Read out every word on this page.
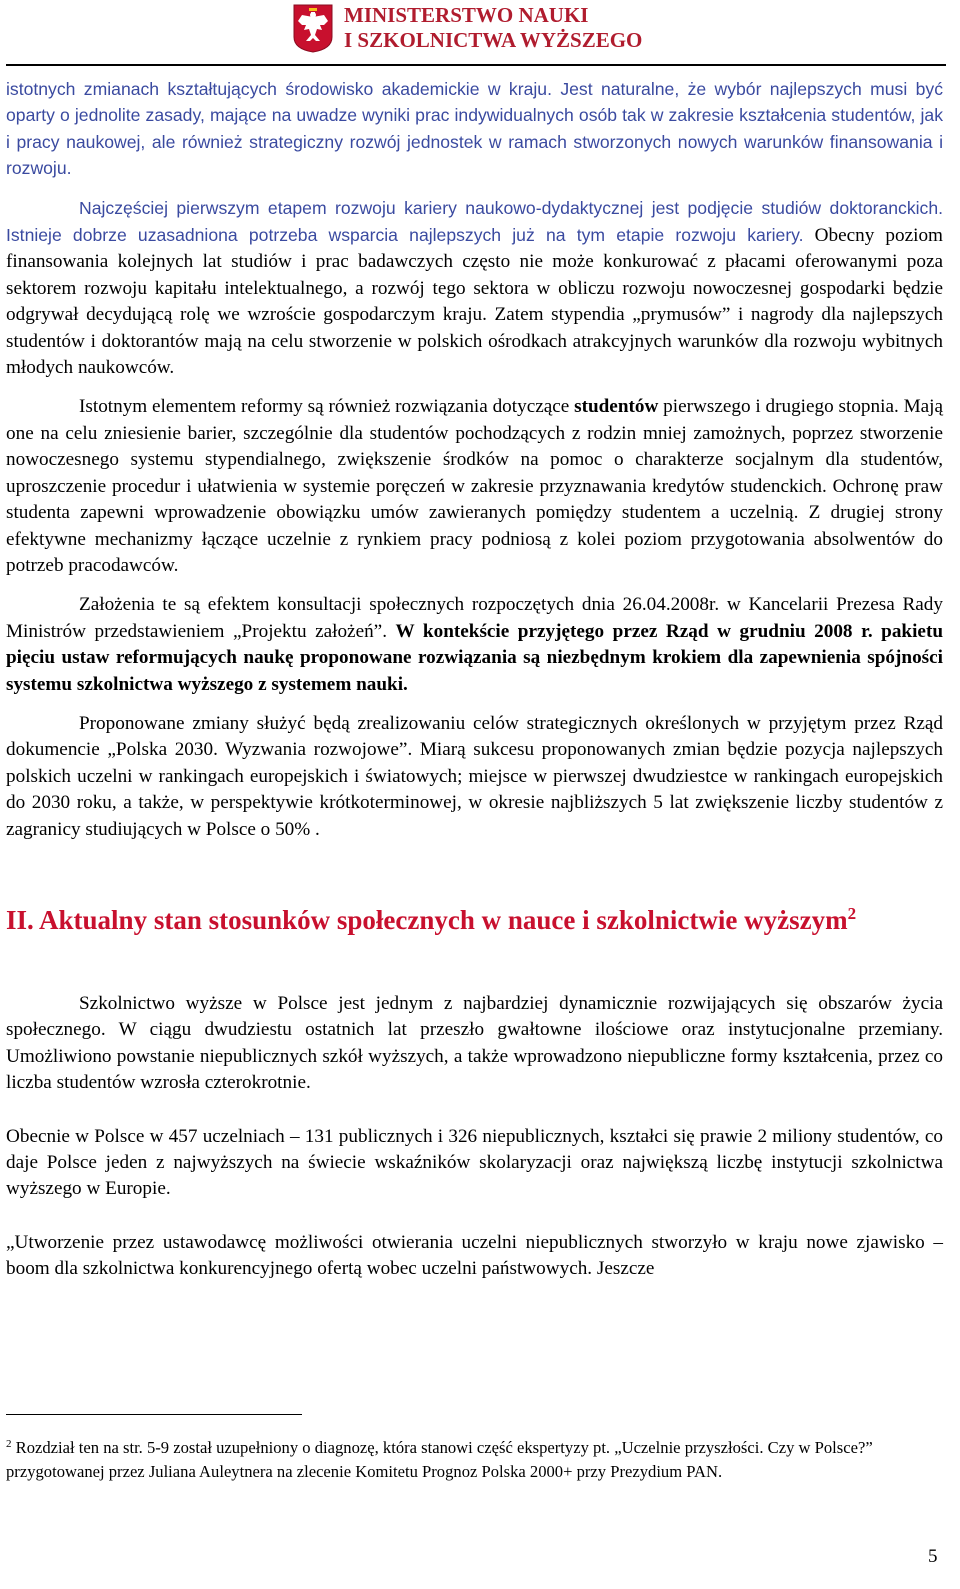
MINISTERSTWO NAUKI
I SZKOLNICTWA WYŻSZEGO

istotnych zmianach kształtujących środowisko akademickie w kraju. Jest naturalne, że wybór najlepszych musi być oparty o jednolite zasady, mające na uwadze wyniki prac indywidualnych osób tak w zakresie kształcenia studentów, jak i pracy naukowej, ale również strategiczny rozwój jednostek w ramach stworzonych nowych warunków finansowania i rozwoju.

Najczęściej pierwszym etapem rozwoju kariery naukowo-dydaktycznej jest podjęcie studiów doktoranckich. Istnieje dobrze uzasadniona potrzeba wsparcia najlepszych już na tym etapie rozwoju kariery. Obecny poziom finansowania kolejnych lat studiów i prac badawczych często nie może konkurować z płacami oferowanymi poza sektorem rozwoju kapitału intelektualnego, a rozwój tego sektora w obliczu rozwoju nowoczesnej gospodarki będzie odgrywał decydującą rolę we wzroście gospodarczym kraju. Zatem stypendia „prymusów” i nagrody dla najlepszych studentów i doktorantów mają na celu stworzenie w polskich ośrodkach atrakcyjnych warunków dla rozwoju wybitnych młodych naukowców.

Istotnym elementem reformy są również rozwiązania dotyczące studentów pierwszego i drugiego stopnia. Mają one na celu zniesienie barier, szczególnie dla studentów pochodzących z rodzin mniej zamożnych, poprzez stworzenie nowoczesnego systemu stypendialnego, zwiększenie środków na pomoc o charakterze socjalnym dla studentów, uproszczenie procedur i ułatwienia w systemie poręczeń w zakresie przyznawania kredytów studenckich. Ochronę praw studenta zapewni wprowadzenie obowiązku umów zawieranych pomiędzy studentem a uczelnią. Z drugiej strony efektywne mechanizmy łączące uczelnie z rynkiem pracy podniosą z kolei poziom przygotowania absolwentów do potrzeb pracodawców.

Założenia te są efektem konsultacji społecznych rozpoczętych dnia 26.04.2008r. w Kancelarii Prezesa Rady Ministrów przedstawieniem „Projektu założeń”. W kontekście przyjętego przez Rząd w grudniu 2008 r. pakietu pięciu ustaw reformujących naukę proponowane rozwiązania są niezbędnym krokiem dla zapewnienia spójności systemu szkolnictwa wyższego z systemem nauki.

Proponowane zmiany służyć będą zrealizowaniu celów strategicznych określonych w przyjętym przez Rząd dokumencie „Polska 2030. Wyzwania rozwojowe”. Miarą sukcesu proponowanych zmian będzie pozycja najlepszych polskich uczelni w rankingach europejskich i światowych; miejsce w pierwszej dwudziestce w rankingach europejskich do 2030 roku, a także, w perspektywie krótkoterminowej, w okresie najbliższych 5 lat zwiększenie liczby studentów z zagranicy studiujących w Polsce o 50% .

II. Aktualny stan stosunków społecznych w nauce i szkolnictwie wyższym$^2$

Szkolnictwo wyższe w Polsce jest jednym z najbardziej dynamicznie rozwijających się obszarów życia społecznego. W ciągu dwudziestu ostatnich lat przeszło gwałtowne ilościowe oraz instytucjonalne przemiany. Umożliwiono powstanie niepublicznych szkół wyższych, a także wprowadzono niepubliczne formy kształcenia, przez co liczba studentów wzrosła czterokrotnie.

Obecnie w Polsce w 457 uczelniach – 131 publicznych i 326 niepublicznych, kształci się prawie 2 miliony studentów, co daje Polsce jeden z najwyższych na świecie wskaźników skolaryzacji oraz największą liczbę instytucji szkolnictwa wyższego w Europie.

„Utworzenie przez ustawodawcę możliwości otwierania uczelni niepublicznych stworzyło w kraju nowe zjawisko – boom dla szkolnictwa konkurencyjnego ofertą wobec uczelni państwowych. Jeszcze

$^2$ Rozdział ten na str. 5-9 został uzupełniony o diagnozę, która stanowi część ekspertyzy pt. „Uczelnie przyszłości. Czy w Polsce?” przygotowanej przez Juliana Auleytnera na zlecenie Komitetu Prognoz Polska 2000+ przy Prezydium PAN.
5
